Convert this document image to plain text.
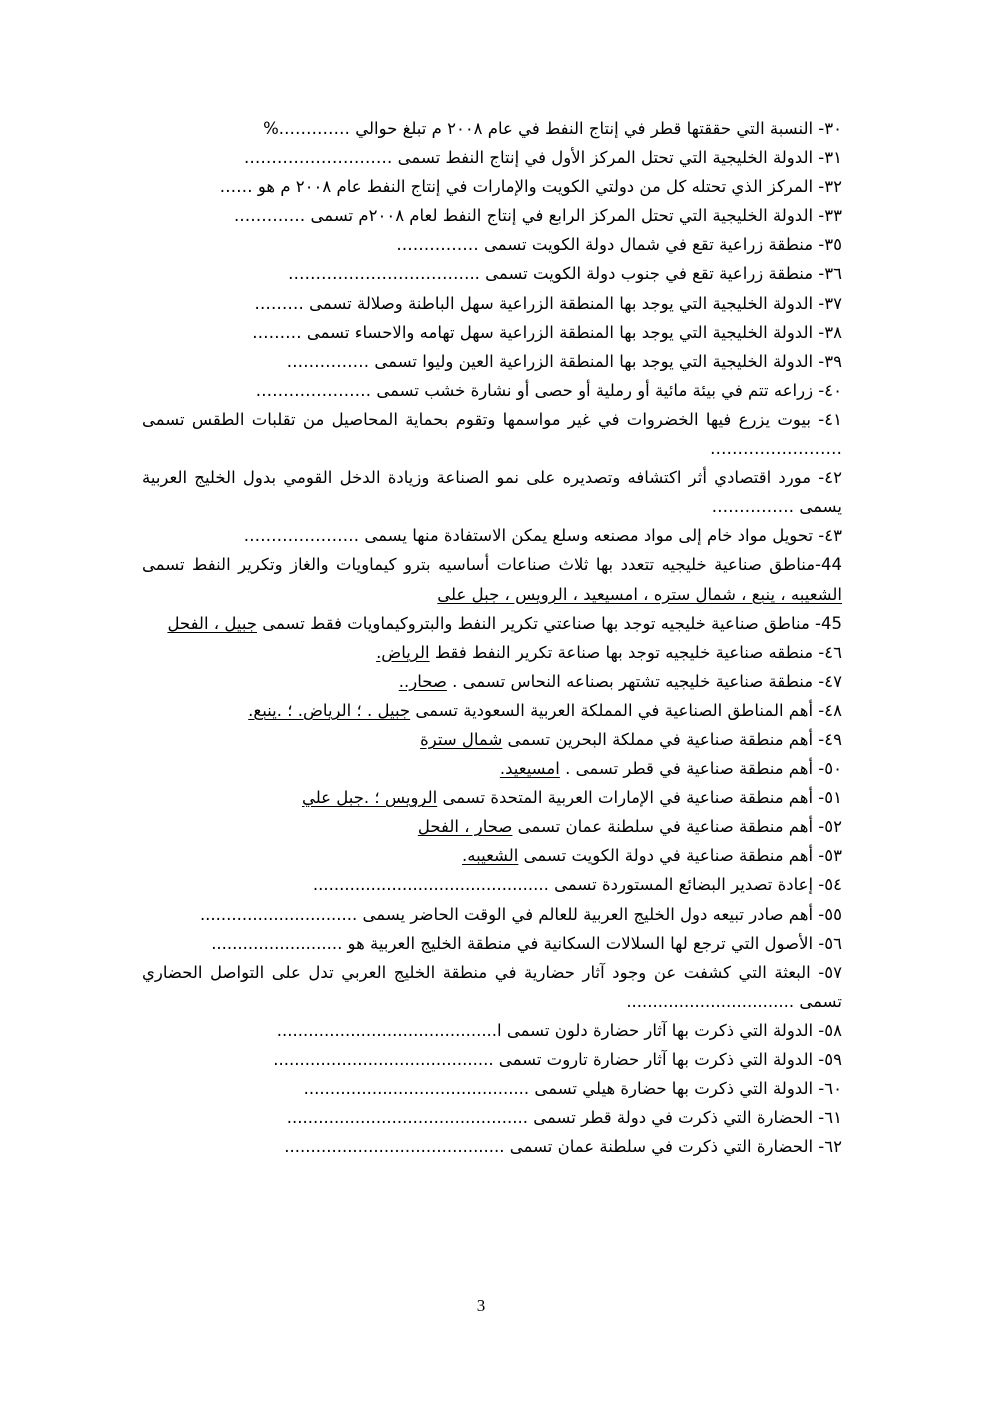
٣٠- النسبة التي حققتها قطر في إنتاج النفط في عام ٢٠٠٨ م تبلغ حوالي ………….%
٣١- الدولة الخليجية التي تحتل المركز الأول في إنتاج النفط تسمى ………………………
٣٢- المركز الذي تحتله كل من دولتي الكويت والإمارات في إنتاج النفط عام ٢٠٠٨ م هو ……
٣٣- الدولة الخليجية التي تحتل المركز الرابع في إنتاج النفط لعام ٢٠٠٨م تسمى ………….
٣٥- منطقة زراعية تقع في شمال دولة الكويت تسمى ……………
٣٦- منطقة زراعية تقع في جنوب دولة الكويت تسمى ..……………………………
٣٧- الدولة الخليجية التي يوجد بها المنطقة الزراعية سهل الباطنة وصلالة تسمى ………
٣٨- الدولة الخليجية التي يوجد بها المنطقة الزراعية سهل تهامه والاحساء تسمى ………
٣٩- الدولة الخليجية التي يوجد بها المنطقة الزراعية العين وليوا تسمى ……………
٤٠- زراعه تتم في بيئة مائية أو رملية أو حصى أو نشارة خشب تسمى …………………
٤١- بيوت يزرع فيها الخضروات في غير مواسمها وتقوم بحماية المحاصيل من تقلبات الطقس تسمى ……………………
٤٢- مورد اقتصادي أثر اكتشافه وتصديره على نمو الصناعة وزيادة الدخل القومي بدول الخليج العربية يسمى ……………
٤٣- تحويل مواد خام إلى مواد مصنعه وسلع يمكن الاستفادة منها يسمى …………………
44-مناطق صناعية خليجيه تتعدد بها ثلاث صناعات أساسيه بترو كيماويات والغاز وتكرير النفط تسمى الشعيبه ، ينبع ، شمال ستره ، امسيعيد ، الرويس ، جبل على
45- مناطق صناعية خليجيه توجد بها صناعتي تكرير النفط والبتروكيماويات فقط تسمى جبيل ، الفحل
٤٦- منطقه صناعية خليجيه توجد بها صناعة تكرير النفط فقط الرياض.
٤٧- منطقة صناعية خليجيه تشتهر بصناعه النحاس تسمى . صحار..
٤٨- أهم المناطق الصناعية في المملكة العربية السعودية تسمى جبيل . ؛ الرياض. ؛ .ينبع.
٤٩- أهم منطقة صناعية في مملكة البحرين تسمى شمال سترة
٥٠- أهم منطقة صناعية في قطر تسمى . امسيعيد.
٥١- أهم منطقة صناعية في الإمارات العربية المتحدة تسمى الرويس ؛ .جبل علي
٥٢- أهم منطقة صناعية في سلطنة عمان تسمى صحار ، الفحل
٥٣- أهم منطقة صناعية في دولة الكويت تسمى الشعيبه.
٥٤- إعادة تصدير البضائع المستوردة تسمى .............................................
٥٥- أهم صادر تبيعه دول الخليج العربية للعالم في الوقت الحاضر يسمى ..............................
٥٦- الأصول التي ترجع لها السلالات السكانية في منطقة الخليج العربية هو .........................
٥٧- البعثة التي كشفت عن وجود آثار حضارية في منطقة الخليج العربي تدل على التواصل الحضاري تسمى ................................
٥٨- الدولة التي ذكرت بها آثار حضارة دلون تسمى ا..........................................
٥٩- الدولة التي ذكرت بها آثار حضارة تاروت تسمى ..........................................
٦٠- الدولة التي ذكرت بها حضارة هيلي تسمى ...........................................
٦١- الحضارة التي ذكرت في دولة قطر تسمى ..............................................
٦٢- الحضارة التي ذكرت في سلطنة عمان تسمى ..........................................
3
